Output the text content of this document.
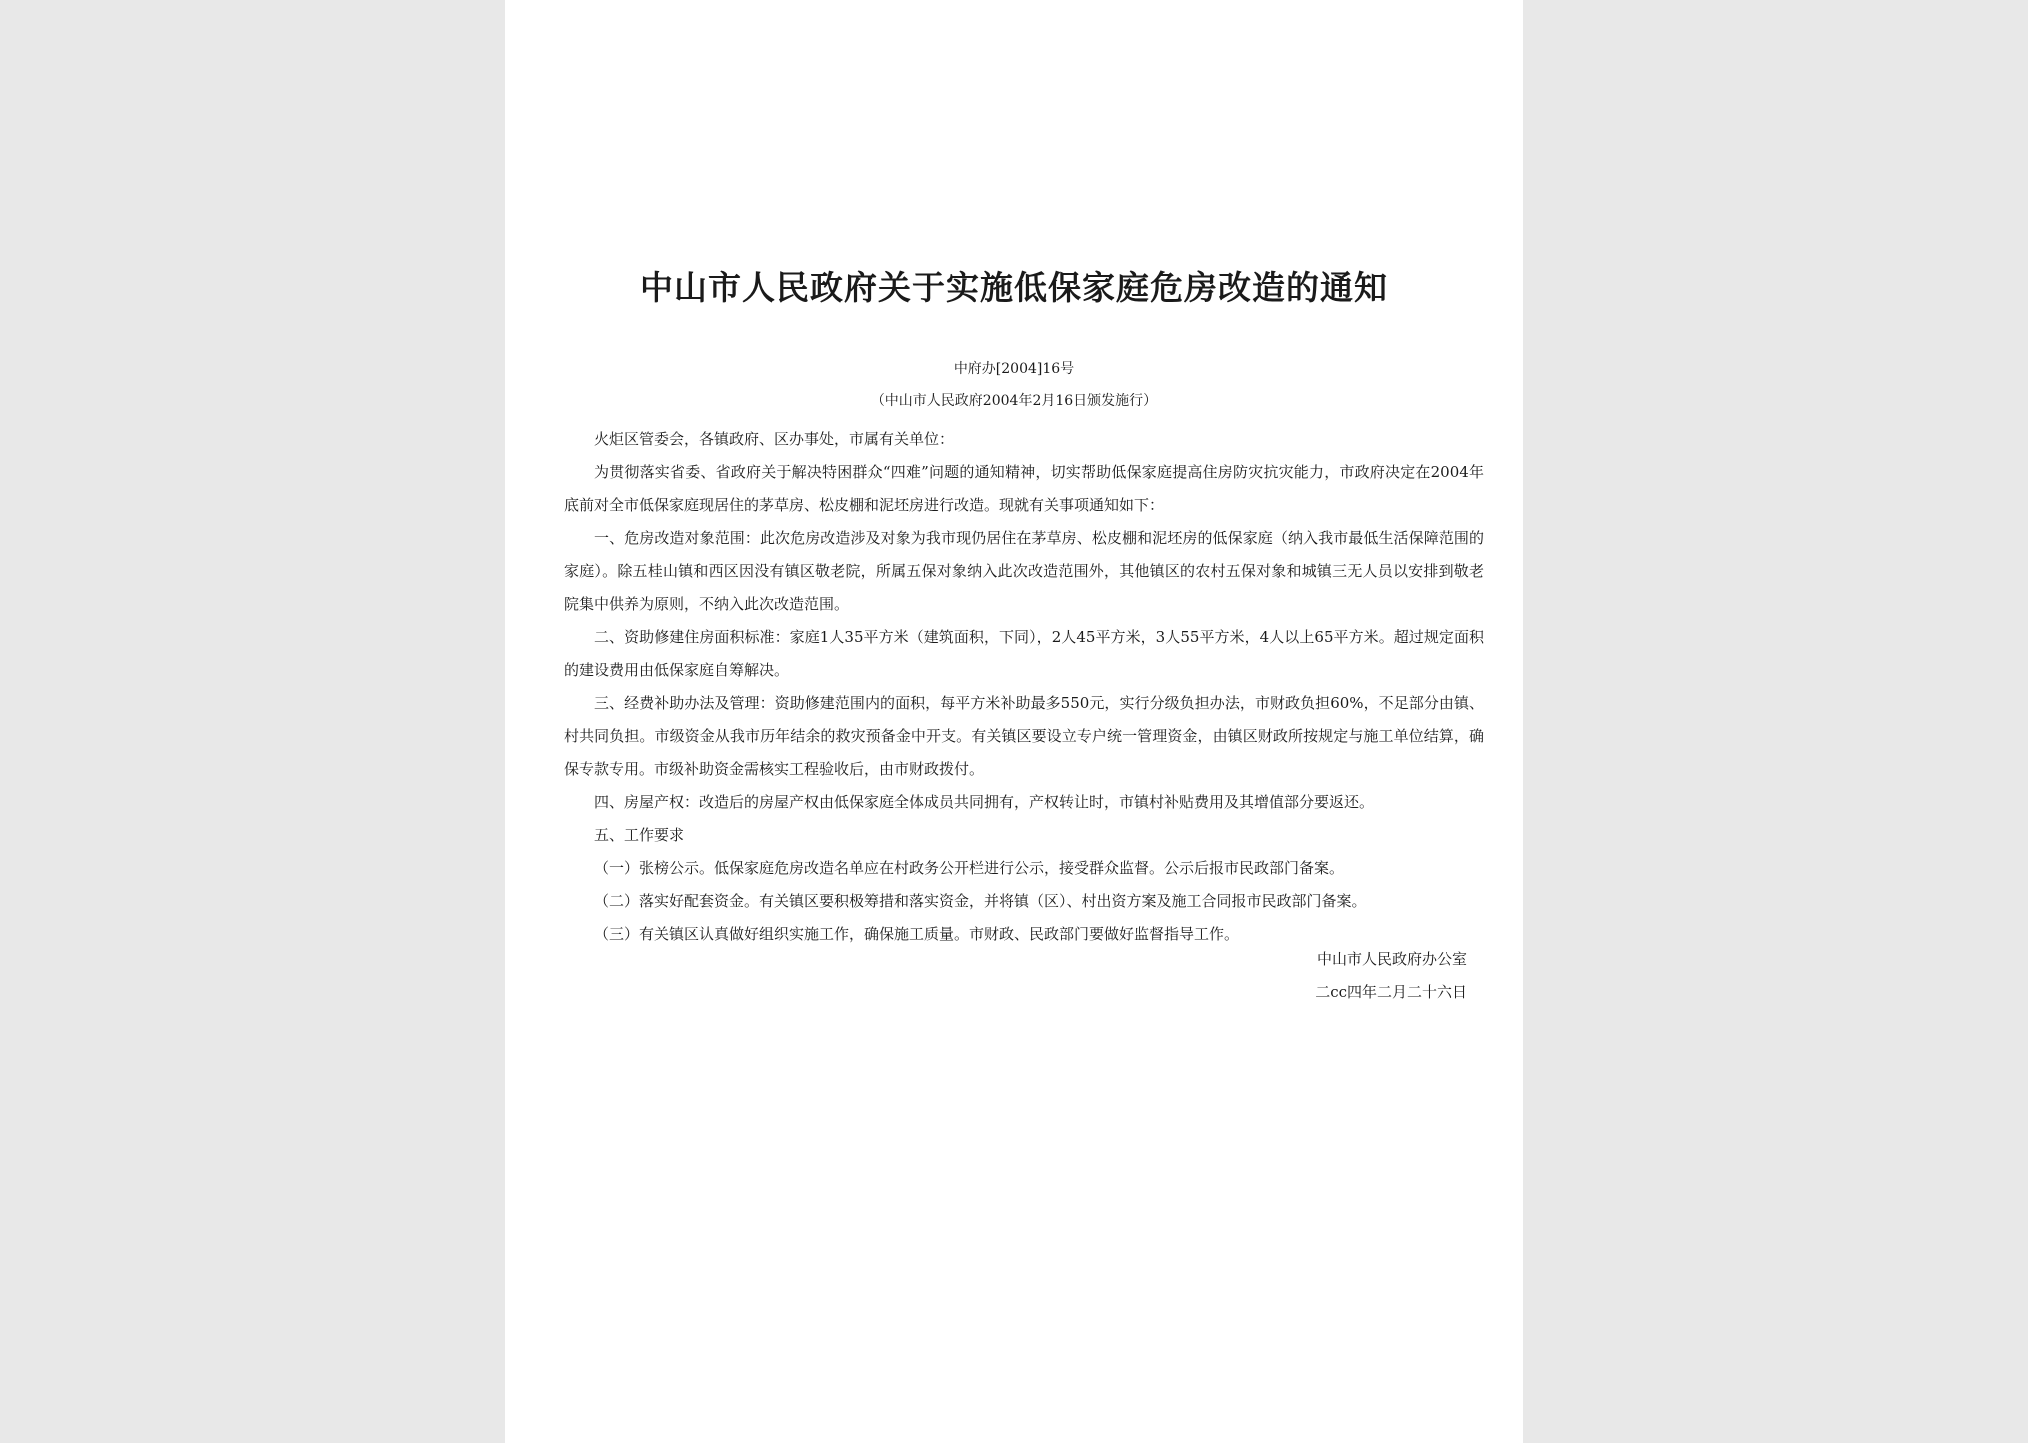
中山市人民政府关于实施低保家庭危房改造的通知

中府办[2004]16号

（中山市人民政府2004年2月16日颁发施行）

火炬区管委会，各镇政府、区办事处，市属有关单位：

为贯彻落实省委、省政府关于解决特困群众“四难”问题的通知精神，切实帮助低保家庭提高住房防灾抗灾能力，市政府决定在2004年底前对全市低保家庭现居住的茅草房、松皮棚和泥坯房进行改造。现就有关事项通知如下：

一、危房改造对象范围：此次危房改造涉及对象为我市现仍居住在茅草房、松皮棚和泥坯房的低保家庭（纳入我市最低生活保障范围的家庭）。除五桂山镇和西区因没有镇区敬老院，所属五保对象纳入此次改造范围外，其他镇区的农村五保对象和城镇三无人员以安排到敬老院集中供养为原则，不纳入此次改造范围。

二、资助修建住房面积标准：家庭1人35平方米（建筑面积，下同），2人45平方米，3人55平方米，4人以上65平方米。超过规定面积的建设费用由低保家庭自筹解决。

三、经费补助办法及管理：资助修建范围内的面积，每平方米补助最多550元，实行分级负担办法，市财政负担60%，不足部分由镇、村共同负担。市级资金从我市历年结余的救灾预备金中开支。有关镇区要设立专户统一管理资金，由镇区财政所按规定与施工单位结算，确保专款专用。市级补助资金需核实工程验收后，由市财政拨付。

四、房屋产权：改造后的房屋产权由低保家庭全体成员共同拥有，产权转让时，市镇村补贴费用及其增值部分要返还。

五、工作要求

（一）张榜公示。低保家庭危房改造名单应在村政务公开栏进行公示，接受群众监督。公示后报市民政部门备案。

（二）落实好配套资金。有关镇区要积极筹措和落实资金，并将镇（区）、村出资方案及施工合同报市民政部门备案。

（三）有关镇区认真做好组织实施工作，确保施工质量。市财政、民政部门要做好监督指导工作。

中山市人民政府办公室

二cc四年二月二十六日
